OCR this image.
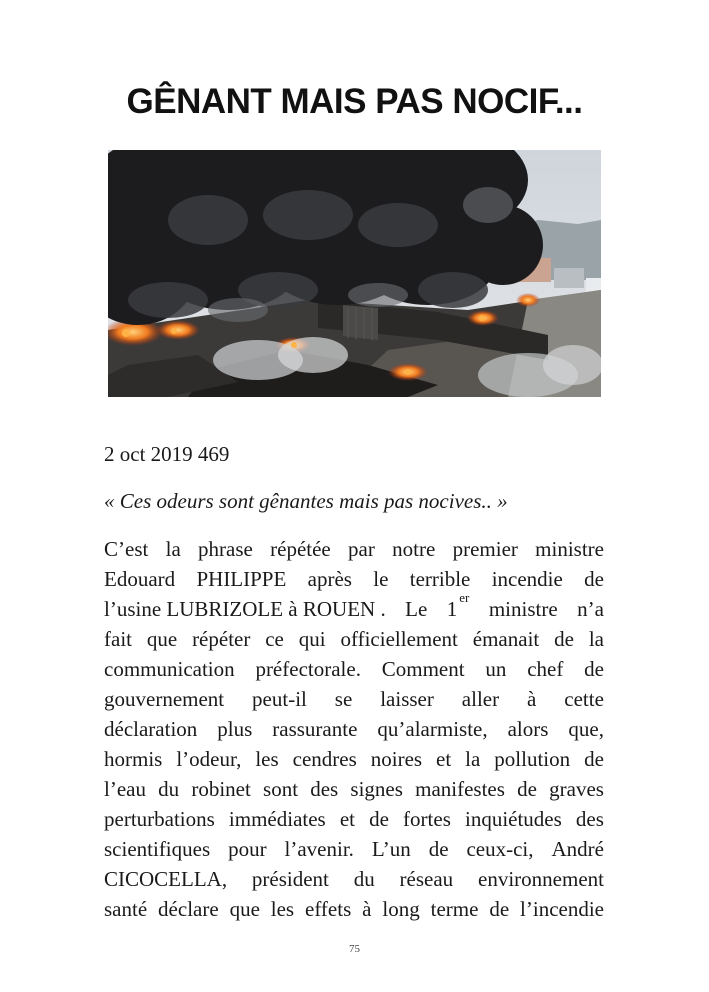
GÊNANT MAIS PAS NOCIF...

2 oct 2019 469

« Ces odeurs sont gênantes mais pas nocives.. »

C’est la phrase répétée par notre premier ministre
Edouard PHILIPPE après le terrible incendie de
l’usine LUBRIZOLE à ROUEN . Le 1 $^{er}$ ministre n’a
fait que répéter ce qui officiellement émanait de la
communication préfectorale. Comment un chef de
gouvernement peut-il se laisser aller à cette
déclaration plus rassurante qu’alarmiste, alors que,
hormis l’odeur, les cendres noires et la pollution de
l’eau du robinet sont des signes manifestes de graves
perturbations immédiates et de fortes inquiétudes des
scientifiques pour l’avenir. L’un de ceux-ci, André
CICOCELLA, président du réseau environnement
santé déclare que les effets à long terme de l’incendie

75
